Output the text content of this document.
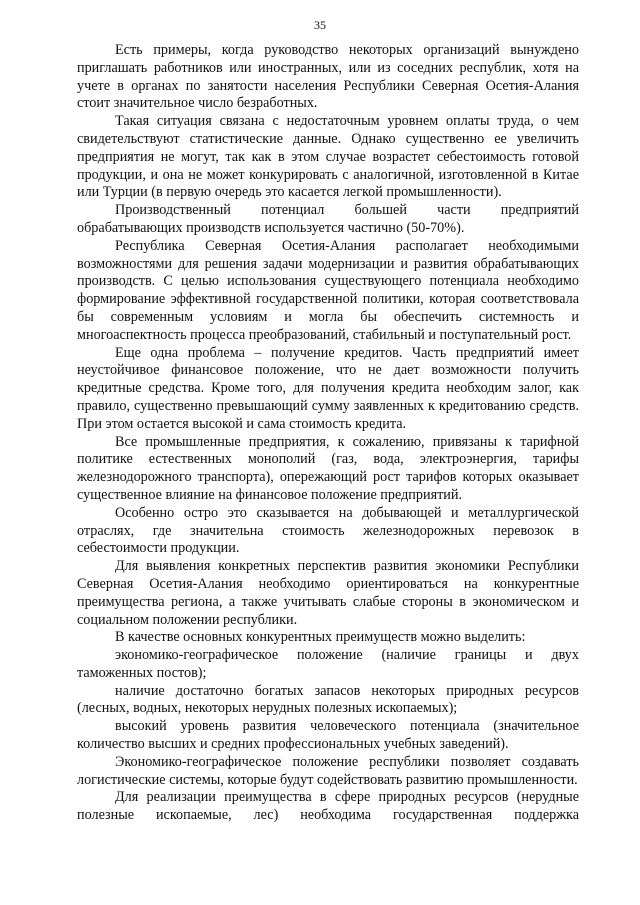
35

Есть примеры, когда руководство некоторых организаций вынуждено приглашать работников или иностранных, или из соседних республик, хотя на учете в органах по занятости населения Республики Северная Осетия-Алания стоит значительное число безработных.

Такая ситуация связана с недостаточным уровнем оплаты труда, о чем свидетельствуют статистические данные. Однако существенно ее увеличить предприятия не могут, так как в этом случае возрастет себестоимость готовой продукции, и она не может конкурировать с аналогичной, изготовленной в Китае или Турции (в первую очередь это касается легкой промышленности).

Производственный потенциал большей части предприятий обрабатывающих производств используется частично (50-70%).

Республика Северная Осетия-Алания располагает необходимыми возможностями для решения задачи модернизации и развития обрабатывающих производств. С целью использования существующего потенциала необходимо формирование эффективной государственной политики, которая соответствовала бы современным условиям и могла бы обеспечить системность и многоаспектность процесса преобразований, стабильный и поступательный рост.

Еще одна проблема – получение кредитов. Часть предприятий имеет неустойчивое финансовое положение, что не дает возможности получить кредитные средства. Кроме того, для получения кредита необходим залог, как правило, существенно превышающий сумму заявленных к кредитованию средств. При этом остается высокой и сама стоимость кредита.

Все промышленные предприятия, к сожалению, привязаны к тарифной политике естественных монополий (газ, вода, электроэнергия, тарифы железнодорожного транспорта), опережающий рост тарифов которых оказывает существенное влияние на финансовое положение предприятий.

Особенно остро это сказывается на добывающей и металлургической отраслях, где значительна стоимость железнодорожных перевозок в себестоимости продукции.

Для выявления конкретных перспектив развития экономики Республики Северная Осетия-Алания необходимо ориентироваться на конкурентные преимущества региона, а также учитывать слабые стороны в экономическом и социальном положении республики.

В качестве основных конкурентных преимуществ можно выделить:

экономико-географическое положение (наличие границы и двух таможенных постов);

наличие достаточно богатых запасов некоторых природных ресурсов (лесных, водных, некоторых нерудных полезных ископаемых);

высокий уровень развития человеческого потенциала (значительное количество высших и средних профессиональных учебных заведений).

Экономико-географическое положение республики позволяет создавать логистические системы, которые будут содействовать развитию промышленности.

Для реализации преимущества в сфере природных ресурсов (нерудные полезные ископаемые, лес) необходима государственная поддержка
